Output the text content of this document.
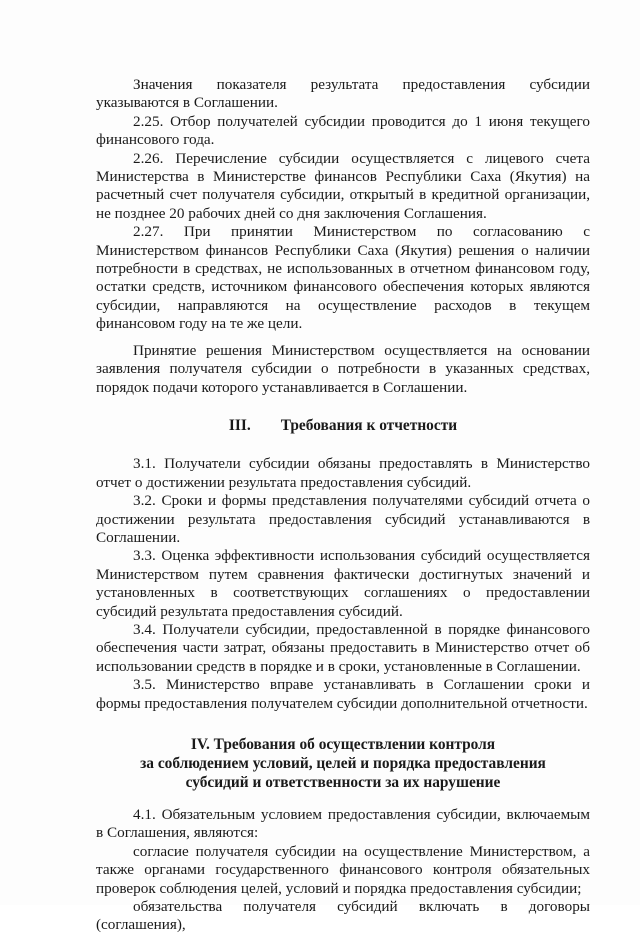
Значения показателя результата предоставления субсидии указываются в Соглашении.

2.25. Отбор получателей субсидии проводится до 1 июня текущего финансового года.

2.26. Перечисление субсидии осуществляется с лицевого счета Министерства в Министерстве финансов Республики Саха (Якутия) на расчетный счет получателя субсидии, открытый в кредитной организации, не позднее 20 рабочих дней со дня заключения Соглашения.

2.27. При принятии Министерством по согласованию с Министерством финансов Республики Саха (Якутия) решения о наличии потребности в средствах, не использованных в отчетном финансовом году, остатки средств, источником финансового обеспечения которых являются субсидии, направляются на осуществление расходов в текущем финансовом году на те же цели.

Принятие решения Министерством осуществляется на основании заявления получателя субсидии о потребности в указанных средствах, порядок подачи которого устанавливается в Соглашении.

III. Требования к отчетности

3.1. Получатели субсидии обязаны предоставлять в Министерство отчет о достижении результата предоставления субсидий.

3.2. Сроки и формы представления получателями субсидий отчета о достижении результата предоставления субсидий устанавливаются в Соглашении.

3.3. Оценка эффективности использования субсидий осуществляется Министерством путем сравнения фактически достигнутых значений и установленных в соответствующих соглашениях о предоставлении субсидий результата предоставления субсидий.

3.4. Получатели субсидии, предоставленной в порядке финансового обеспечения части затрат, обязаны предоставить в Министерство отчет об использовании средств в порядке и в сроки, установленные в Соглашении.

3.5. Министерство вправе устанавливать в Соглашении сроки и формы предоставления получателем субсидии дополнительной отчетности.

IV. Требования об осуществлении контроля
за соблюдением условий, целей и порядка предоставления
субсидий и ответственности за их нарушение

4.1. Обязательным условием предоставления субсидии, включаемым в Соглашения, являются:

согласие получателя субсидии на осуществление Министерством, а также органами государственного финансового контроля обязательных проверок соблюдения целей, условий и порядка предоставления субсидии;

обязательства получателя субсидий включать в договоры (соглашения),
